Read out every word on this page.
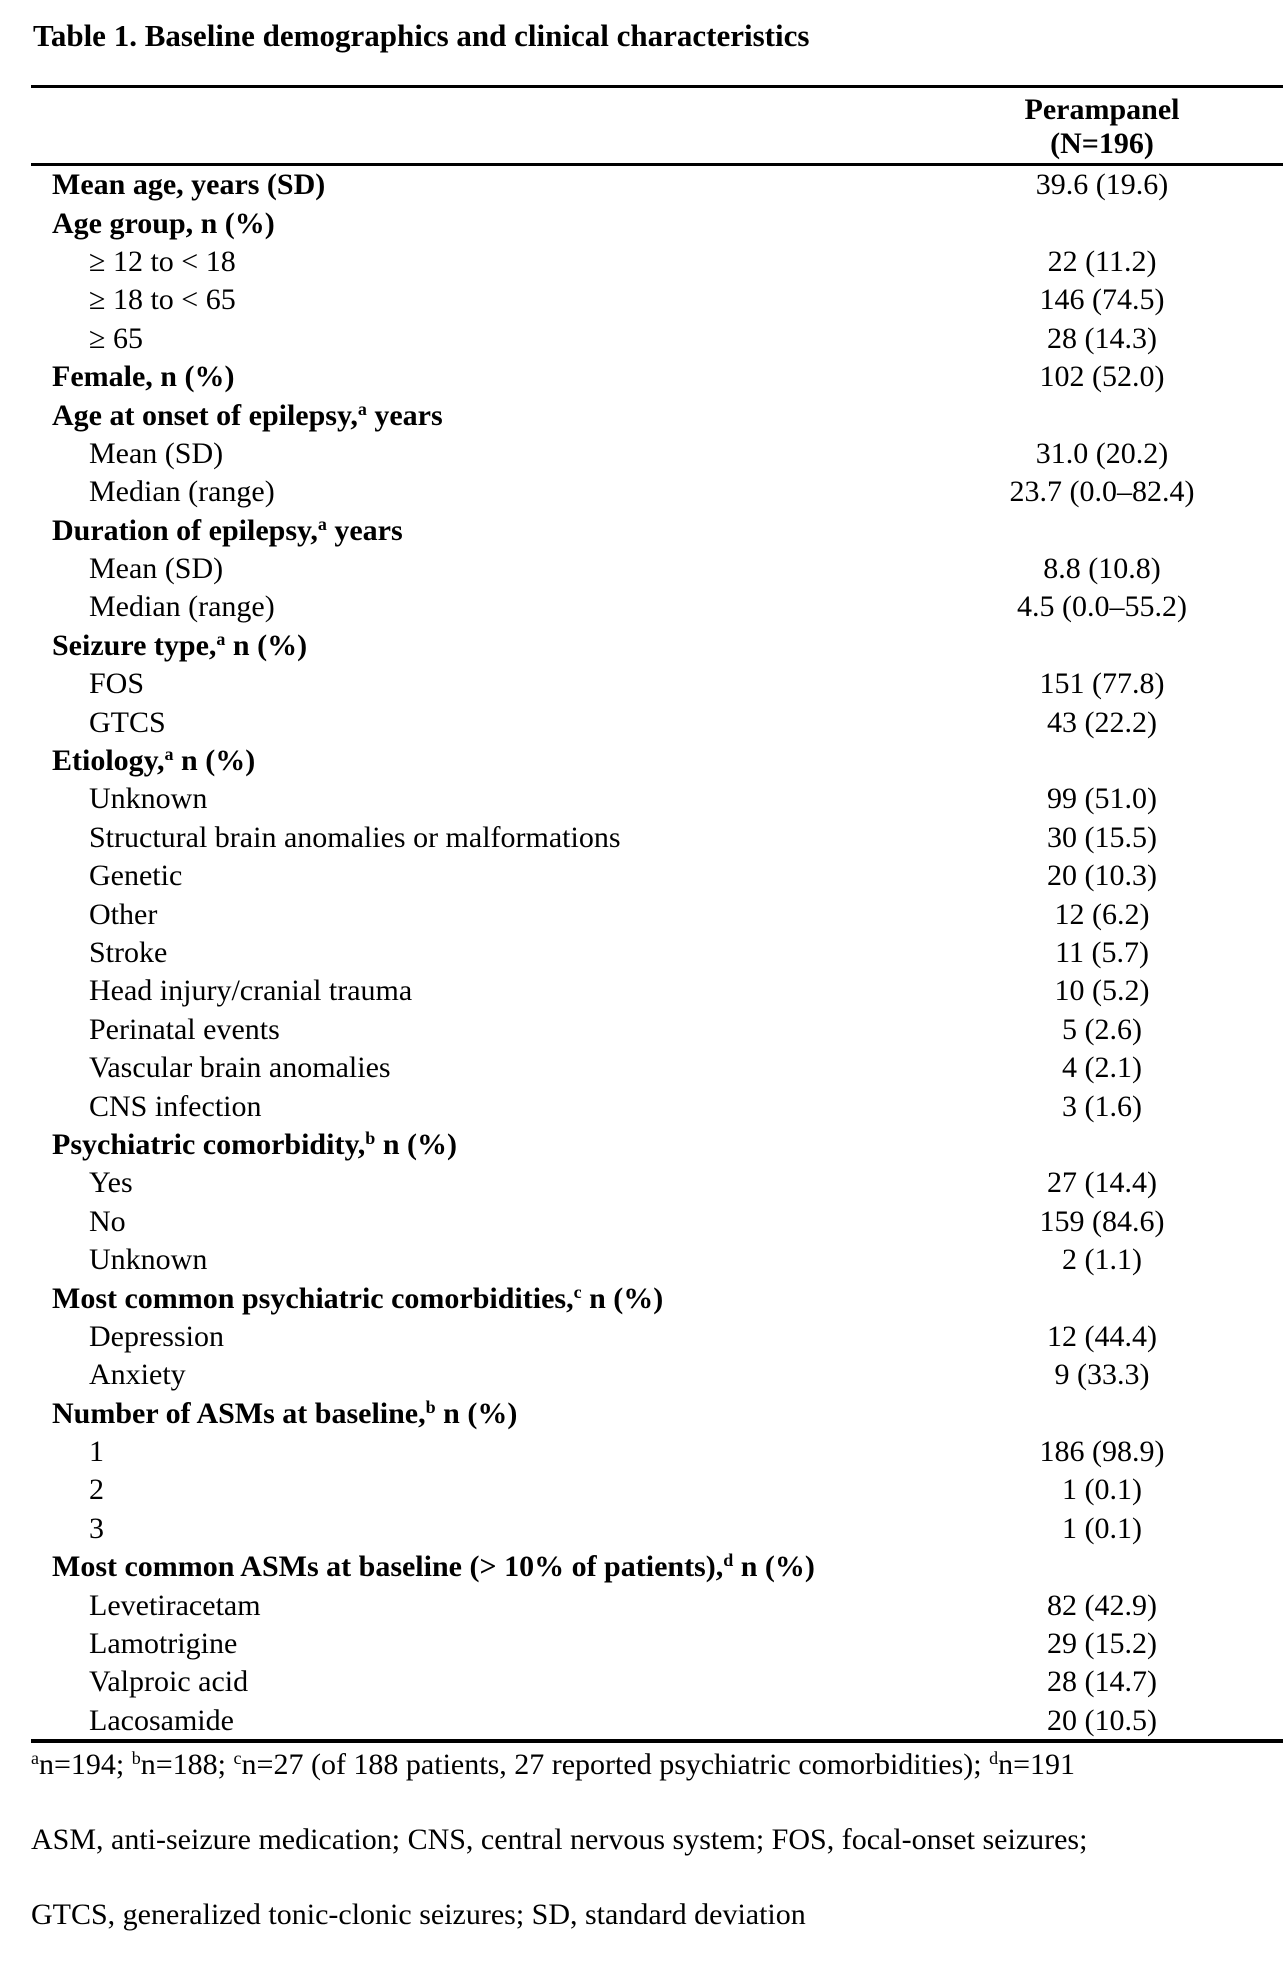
Table 1. Baseline demographics and clinical characteristics
Perampanel
(N=196)
Mean age, years (SD)	39.6 (19.6)
Age group, n (%)
≥ 12 to < 18	22 (11.2)
≥ 18 to < 65	146 (74.5)
≥ 65	28 (14.3)
Female, n (%)	102 (52.0)
Age at onset of epilepsy,$^a$ years
Mean (SD)	31.0 (20.2)
Median (range)	23.7 (0.0–82.4)
Duration of epilepsy,$^a$ years
Mean (SD)	8.8 (10.8)
Median (range)	4.5 (0.0–55.2)
Seizure type,$^a$ n (%)
FOS	151 (77.8)
GTCS	43 (22.2)
Etiology,$^a$ n (%)
Unknown	99 (51.0)
Structural brain anomalies or malformations	30 (15.5)
Genetic	20 (10.3)
Other	12 (6.2)
Stroke	11 (5.7)
Head injury/cranial trauma	10 (5.2)
Perinatal events	5 (2.6)
Vascular brain anomalies	4 (2.1)
CNS infection	3 (1.6)
Psychiatric comorbidity,$^b$ n (%)
Yes	27 (14.4)
No	159 (84.6)
Unknown	2 (1.1)
Most common psychiatric comorbidities,$^c$ n (%)
Depression	12 (44.4)
Anxiety	9 (33.3)
Number of ASMs at baseline,$^b$ n (%)
1	186 (98.9)
2	1 (0.1)
3	1 (0.1)
Most common ASMs at baseline (> 10% of patients),$^d$ n (%)
Levetiracetam	82 (42.9)
Lamotrigine	29 (15.2)
Valproic acid	28 (14.7)
Lacosamide	20 (10.5)
$^a$n=194; $^b$n=188; $^c$n=27 (of 188 patients, 27 reported psychiatric comorbidities); $^d$n=191
ASM, anti-seizure medication; CNS, central nervous system; FOS, focal-onset seizures;
GTCS, generalized tonic-clonic seizures; SD, standard deviation
